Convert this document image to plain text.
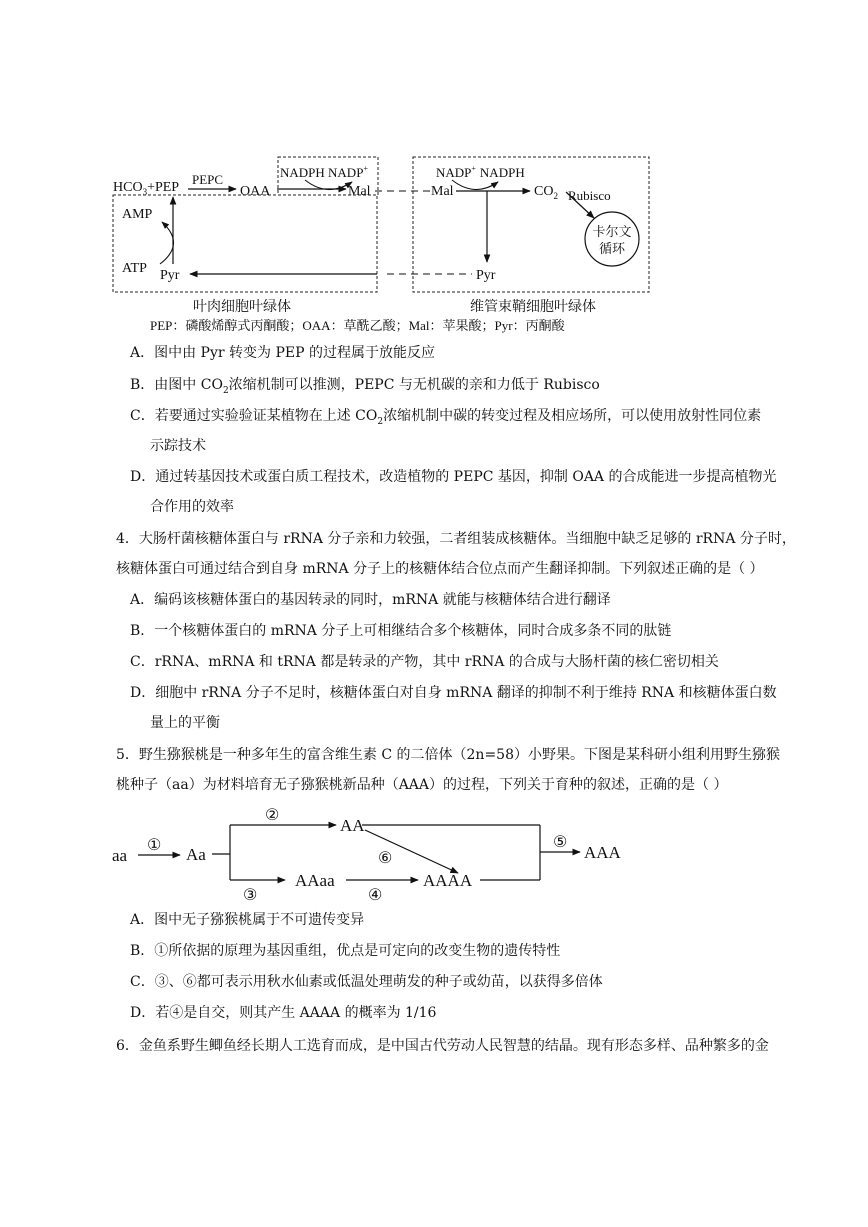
$HCO_3+PEP$
PEPC
OAA
NADPH NADP+
Mal
AMP
ATP Pyr
NADP+ NADPH
Mal
Pyr
$CO_2$ Rubisco
卡尔文
循环
叶肉细胞叶绿体	维管束鞘细胞叶绿体
PEP：磷酸烯醇式丙酮酸；OAA：草酰乙酸；Mal：苹果酸；Pyr：丙酮酸
A．图中由 Pyr 转变为 PEP 的过程属于放能反应
B．由图中 $CO_2$浓缩机制可以推测，PEPC 与无机碳的亲和力低于 Rubisco
C．若要通过实验验证某植物在上述 $CO_2$浓缩机制中碳的转变过程及相应场所，可以使用放射性同位素
示踪技术
D．通过转基因技术或蛋白质工程技术，改造植物的 PEPC 基因，抑制 OAA 的合成能进一步提高植物光
合作用的效率
4．大肠杆菌核糖体蛋白与 rRNA 分子亲和力较强，二者组装成核糖体。当细胞中缺乏足够的 rRNA 分子时，
核糖体蛋白可通过结合到自身 mRNA 分子上的核糖体结合位点而产生翻译抑制。下列叙述正确的是（ ）
A．编码该核糖体蛋白的基因转录的同时，mRNA 就能与核糖体结合进行翻译
B．一个核糖体蛋白的 mRNA 分子上可相继结合多个核糖体，同时合成多条不同的肽链
C．rRNA、mRNA 和 tRNA 都是转录的产物，其中 rRNA 的合成与大肠杆菌的核仁密切相关
D．细胞中 rRNA 分子不足时，核糖体蛋白对自身 mRNA 翻译的抑制不利于维持 RNA 和核糖体蛋白数
量上的平衡
5．野生猕猴桃是一种多年生的富含维生素 C 的二倍体（2n=58）小野果。下图是某科研小组利用野生猕猴
桃种子（aa）为材料培育无子猕猴桃新品种（AAA）的过程，下列关于育种的叙述，正确的是（ ）
aa
① Aa
②
AA
⑥
③
AAaa
④
AAAA
⑤
AAA
A．图中无子猕猴桃属于不可遗传变异
B．①所依据的原理为基因重组，优点是可定向的改变生物的遗传特性
C．③、⑥都可表示用秋水仙素或低温处理萌发的种子或幼苗，以获得多倍体
D．若④是自交，则其产生 AAAA 的概率为 1/16
6．金鱼系野生鲫鱼经长期人工选育而成，是中国古代劳动人民智慧的结晶。现有形态多样、品种繁多的金
